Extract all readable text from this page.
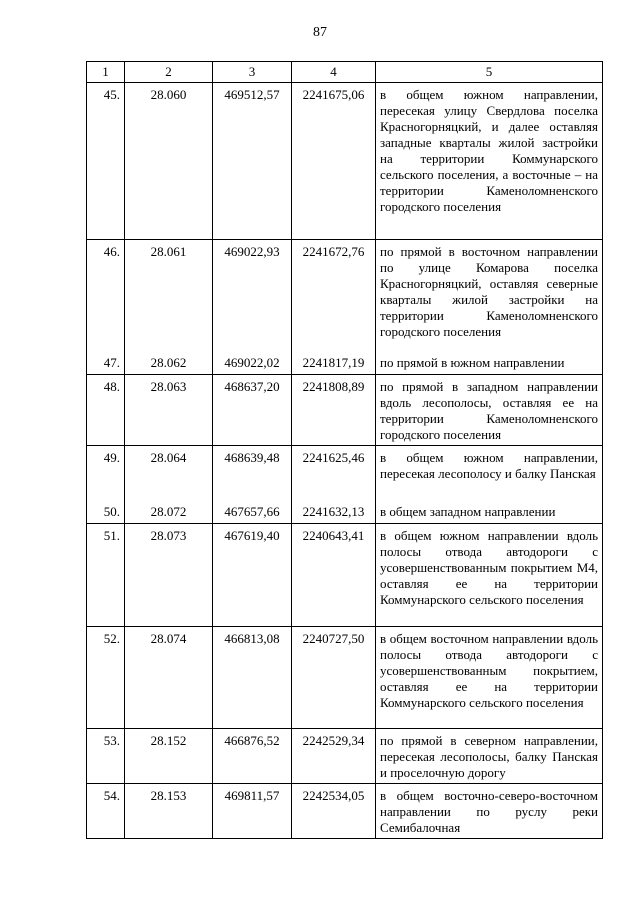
87
1	2	3	4	5
45.	28.060	469512,57	2241675,06	в общем южном направлении, пересекая улицу Свердлова поселка Красногорняцкий, и далее оставляя западные кварталы жилой застройки на территории Коммунарского сельского поселения, а восточные – на территории Каменоломненского городского поселения
46.	28.061	469022,93	2241672,76	по прямой в восточном направлении по улице Комарова поселка Красногорняцкий, оставляя северные кварталы жилой застройки на территории Каменоломненского городского поселения
47.	28.062	469022,02	2241817,19	по прямой в южном направлении
48.	28.063	468637,20	2241808,89	по прямой в западном направлении вдоль лесополосы, оставляя ее на территории Каменоломненского городского поселения
49.	28.064	468639,48	2241625,46	в общем южном направлении, пересекая лесополосу и балку Панская
50.	28.072	467657,66	2241632,13	в общем западном направлении
51.	28.073	467619,40	2240643,41	в общем южном направлении вдоль полосы отвода автодороги с усовершенствованным покрытием М4, оставляя ее на территории Коммунарского сельского поселения
52.	28.074	466813,08	2240727,50	в общем восточном направлении вдоль полосы отвода автодороги с усовершенствованным покрытием, оставляя ее на территории Коммунарского сельского поселения
53.	28.152	466876,52	2242529,34	по прямой в северном направлении, пересекая лесополосы, балку Панская и проселочную дорогу
54.	28.153	469811,57	2242534,05	в общем восточно-северо-восточном направлении по руслу реки Семибалочная
